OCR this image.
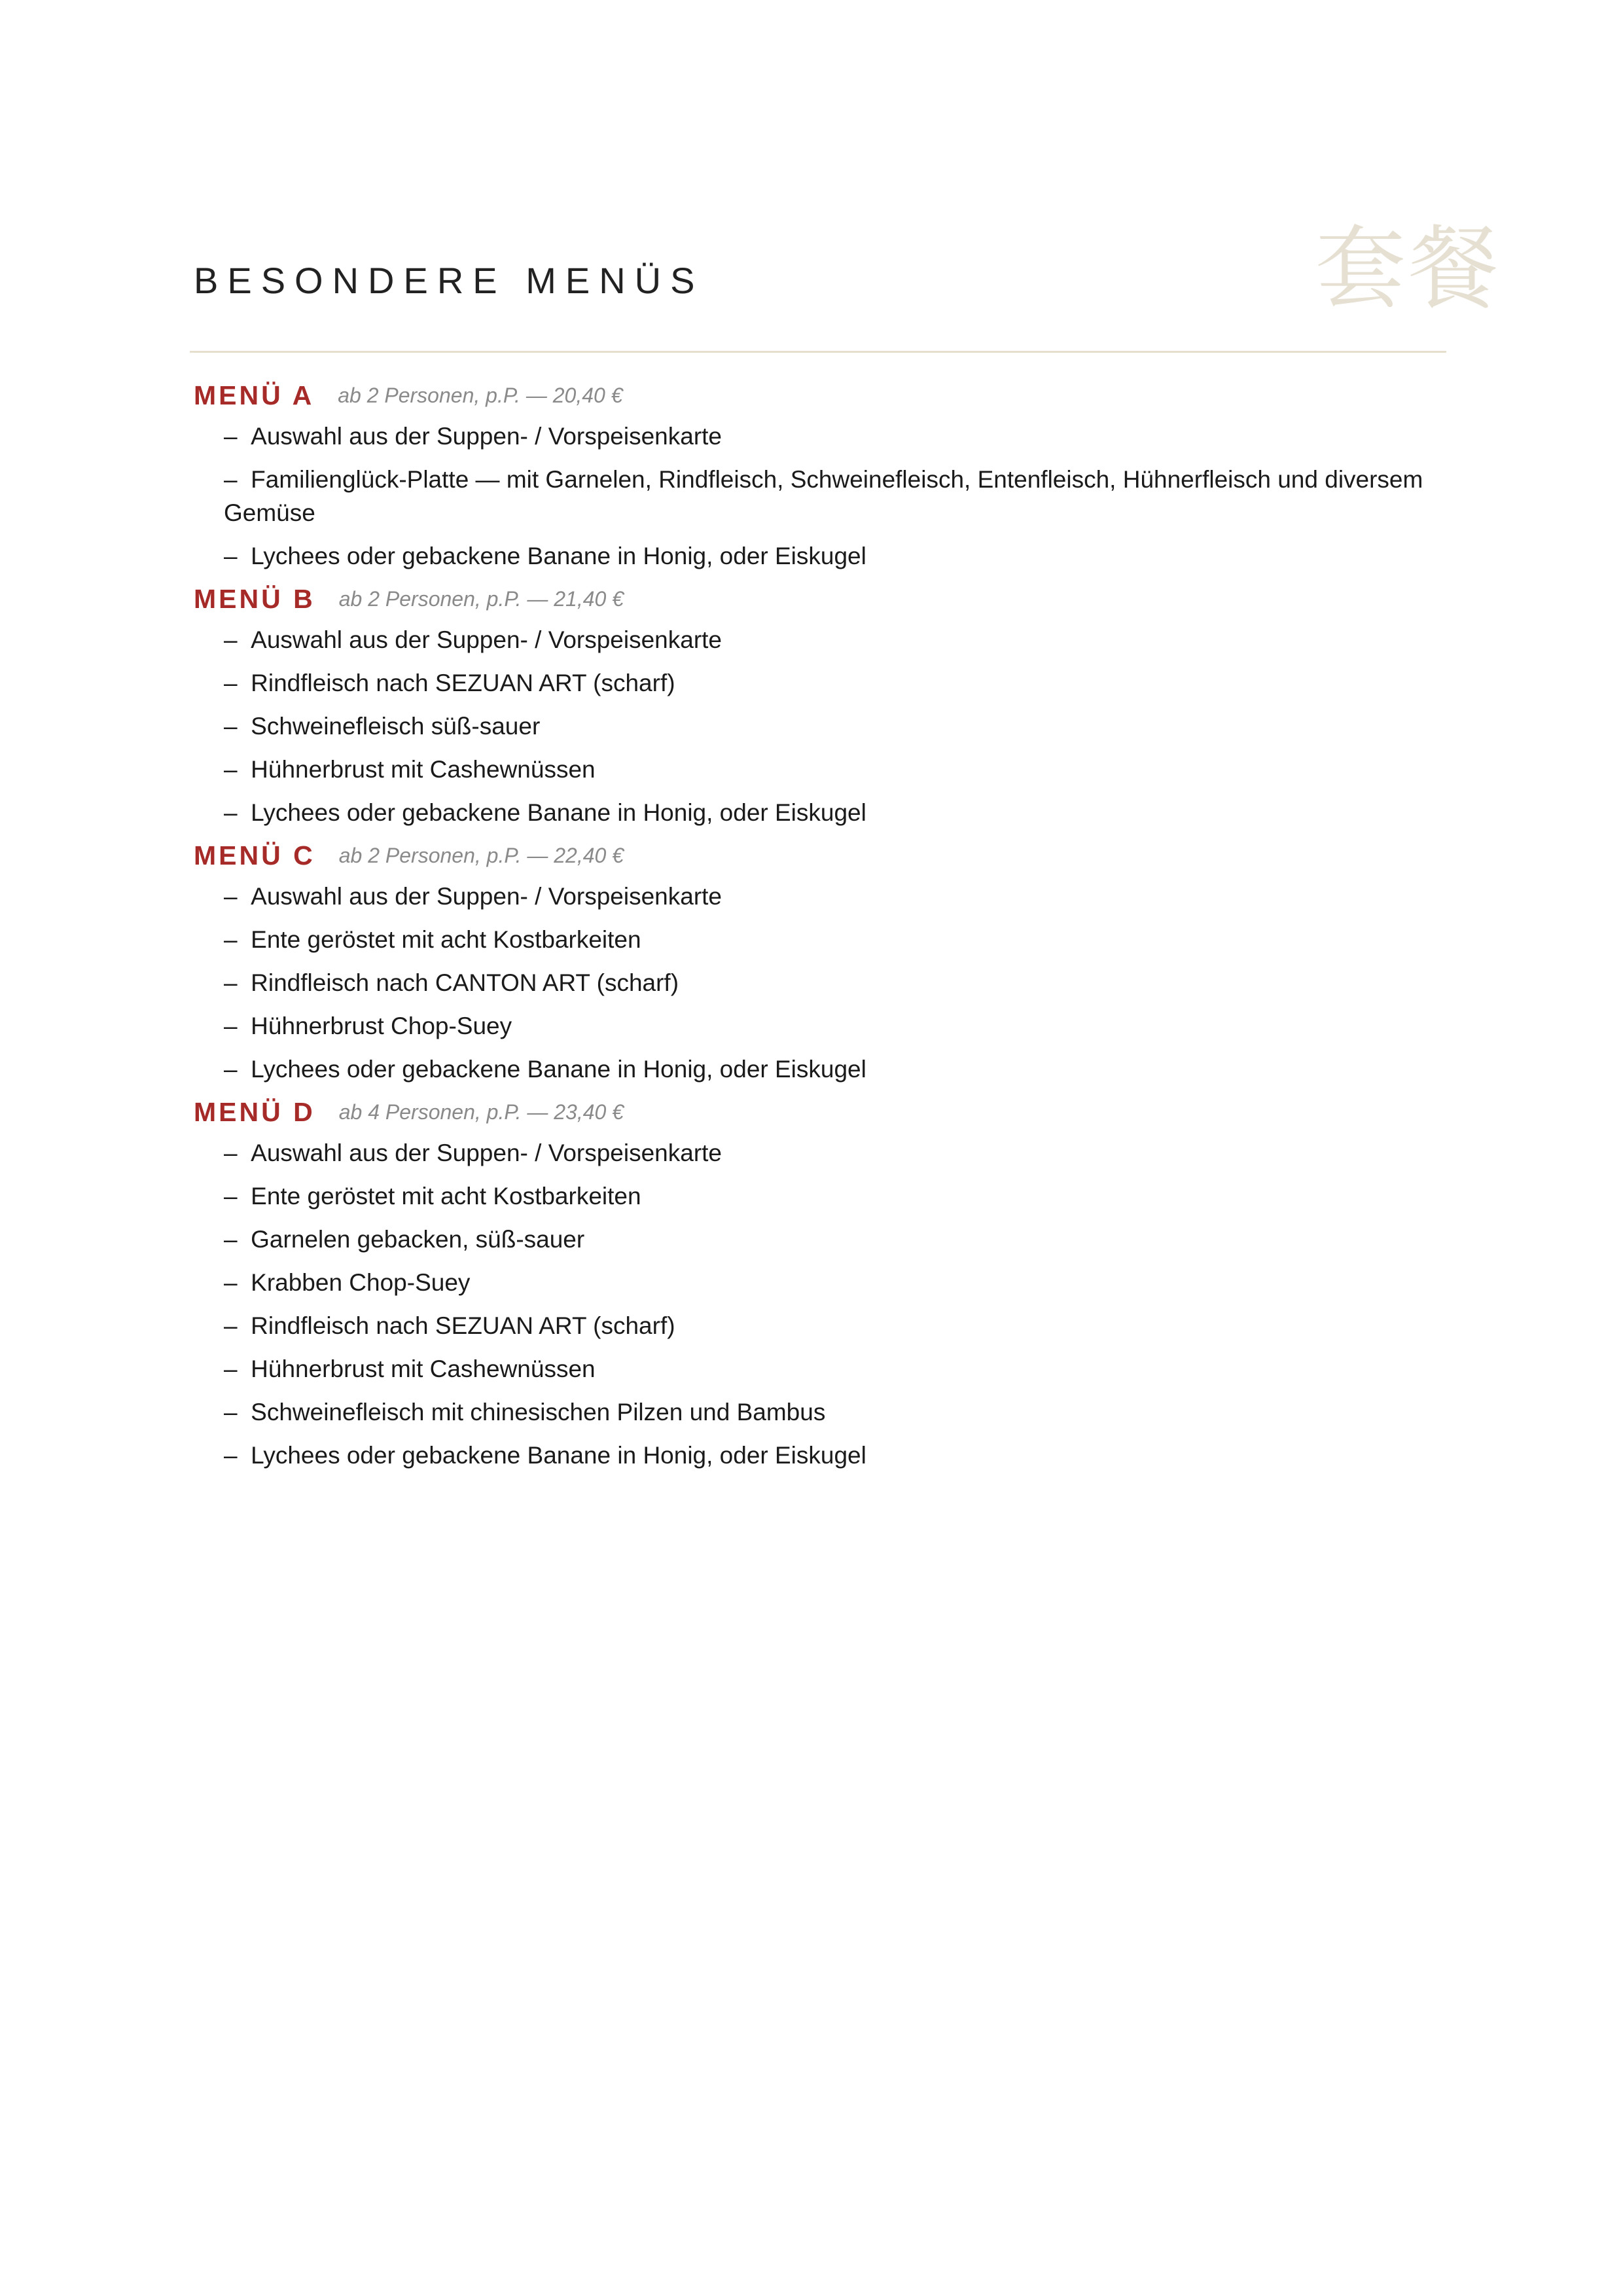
BESONDERE MENÜS	套餐
MENÜ A ab 2 Personen, p.P. — 20,40 €
–  Auswahl aus der Suppen- / Vorspeisenkarte
–  Familienglück-Platte — mit Garnelen, Rindfleisch, Schweinefleisch, Entenfleisch, Hühnerfleisch und diversem Gemüse
–  Lychees oder gebackene Banane in Honig, oder Eiskugel
MENÜ B ab 2 Personen, p.P. — 21,40 €
–  Auswahl aus der Suppen- / Vorspeisenkarte
–  Rindfleisch nach SEZUAN ART (scharf)
–  Schweinefleisch süß-sauer
–  Hühnerbrust mit Cashewnüssen
–  Lychees oder gebackene Banane in Honig, oder Eiskugel
MENÜ C ab 2 Personen, p.P. — 22,40 €
–  Auswahl aus der Suppen- / Vorspeisenkarte
–  Ente geröstet mit acht Kostbarkeiten
–  Rindfleisch nach CANTON ART (scharf)
–  Hühnerbrust Chop-Suey
–  Lychees oder gebackene Banane in Honig, oder Eiskugel
MENÜ D ab 4 Personen, p.P. — 23,40 €
–  Auswahl aus der Suppen- / Vorspeisenkarte
–  Ente geröstet mit acht Kostbarkeiten
–  Garnelen gebacken, süß-sauer
–  Krabben Chop-Suey
–  Rindfleisch nach SEZUAN ART (scharf)
–  Hühnerbrust mit Cashewnüssen
–  Schweinefleisch mit chinesischen Pilzen und Bambus
–  Lychees oder gebackene Banane in Honig, oder Eiskugel
